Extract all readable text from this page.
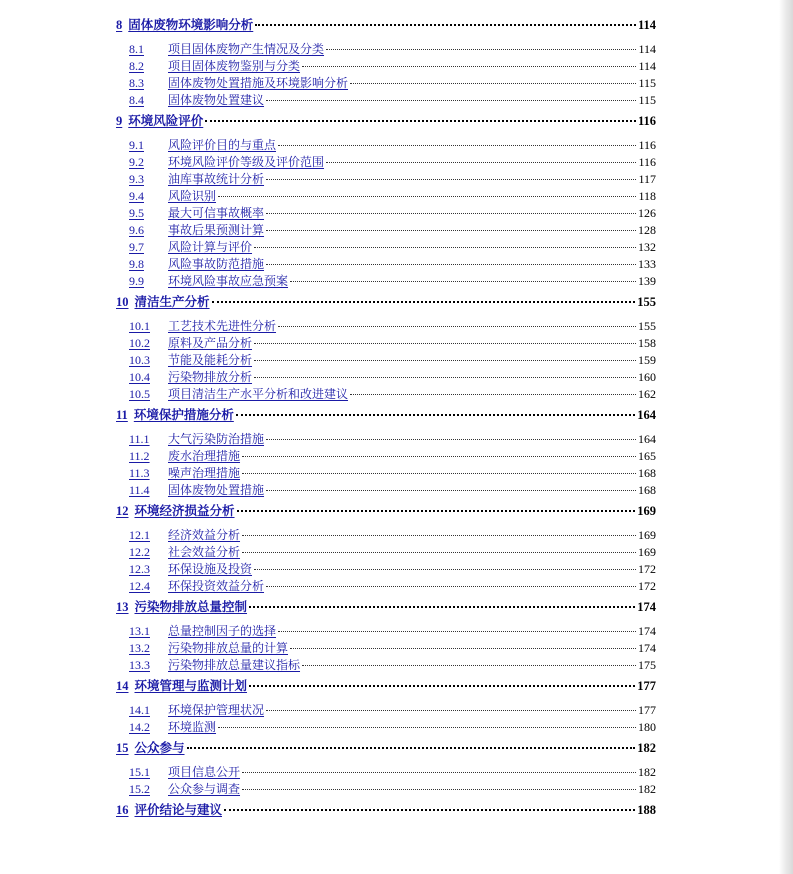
8 固体废物环境影响分析	114
8.1	项目固体废物产生情况及分类	114
8.2	项目固体废物鉴别与分类	114
8.3	固体废物处置措施及环境影响分析	115
8.4	固体废物处置建议	115
9 环境风险评价	116
9.1	风险评价目的与重点	116
9.2	环境风险评价等级及评价范围	116
9.3	油库事故统计分析	117
9.4	风险识别	118
9.5	最大可信事故概率	126
9.6	事故后果预测计算	128
9.7	风险计算与评价	132
9.8	风险事故防范措施	133
9.9	环境风险事故应急预案	139
10 清洁生产分析	155
10.1	工艺技术先进性分析	155
10.2	原料及产品分析	158
10.3	节能及能耗分析	159
10.4	污染物排放分析	160
10.5	项目清洁生产水平分析和改进建议	162
11 环境保护措施分析	164
11.1	大气污染防治措施	164
11.2	废水治理措施	165
11.3	噪声治理措施	168
11.4	固体废物处置措施	168
12 环境经济损益分析	169
12.1	经济效益分析	169
12.2	社会效益分析	169
12.3	环保设施及投资	172
12.4	环保投资效益分析	172
13 污染物排放总量控制	174
13.1	总量控制因子的选择	174
13.2	污染物排放总量的计算	174
13.3	污染物排放总量建议指标	175
14 环境管理与监测计划	177
14.1	环境保护管理状况	177
14.2	环境监测	180
15 公众参与	182
15.1	项目信息公开	182
15.2	公众参与调查	182
16 评价结论与建议	188
